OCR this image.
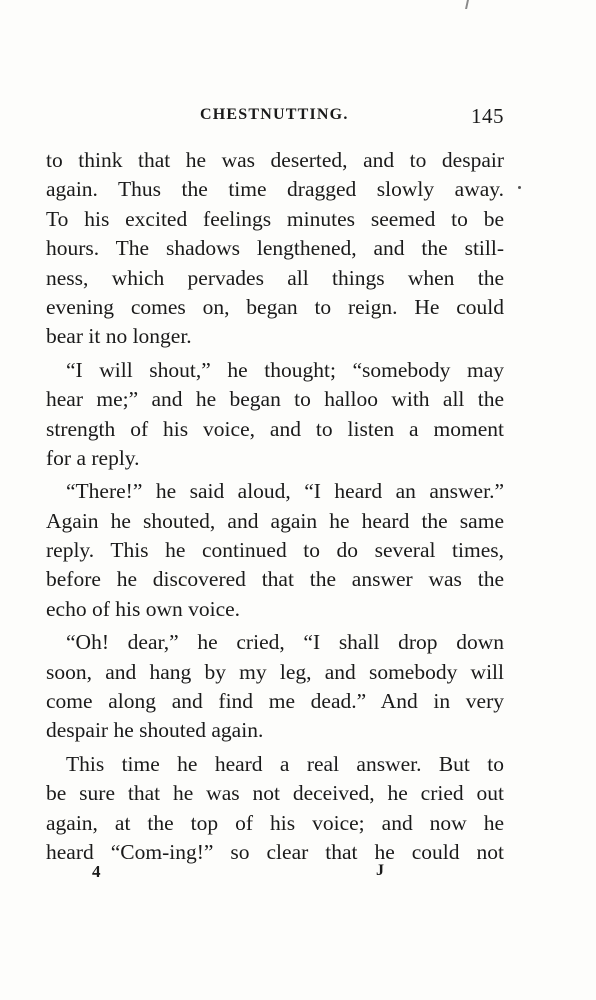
CHESTNUTTING.	145
to think that he was deserted, and to despair
again. Thus the time dragged slowly away.
To his excited feelings minutes seemed to be
hours. The shadows lengthened, and the still-
ness, which pervades all things when the
evening comes on, began to reign. He could
bear it no longer.
“I will shout,” he thought; “somebody may
hear me;” and he began to halloo with all the
strength of his voice, and to listen a moment
for a reply.
“There!” he said aloud, “I heard an answer.”
Again he shouted, and again he heard the same
reply. This he continued to do several times,
before he discovered that the answer was the
echo of his own voice.
“Oh! dear,” he cried, “I shall drop down
soon, and hang by my leg, and somebody will
come along and find me dead.” And in very
despair he shouted again.
This time he heard a real answer. But to
be sure that he was not deceived, he cried out
again, at the top of his voice; and now he
heard “Com-ing!” so clear that he could not
4	J
